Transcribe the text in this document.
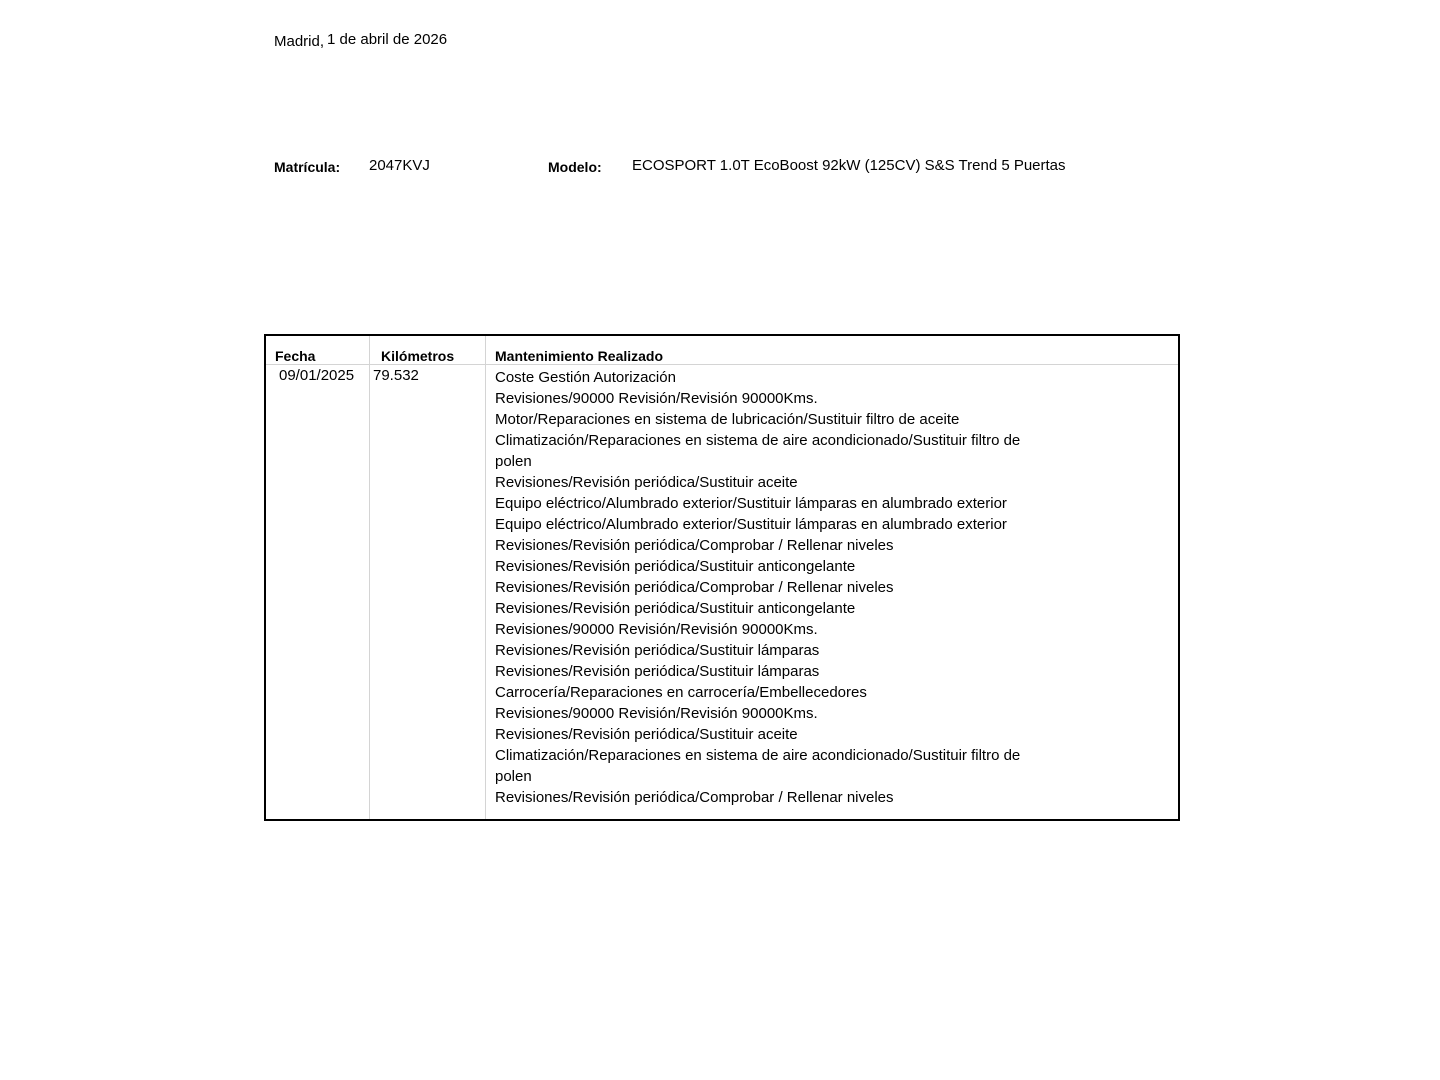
Madrid, 1 de abril de 2026
Matrícula: 2047KVJ	Modelo: ECOSPORT 1.0T EcoBoost 92kW (125CV) S&S Trend 5 Puertas
Fecha	Kilómetros	Mantenimiento Realizado
09/01/2025 79.532	Coste Gestión Autorización
Revisiones/90000 Revisión/Revisión 90000Kms.
Motor/Reparaciones en sistema de lubricación/Sustituir filtro de aceite
Climatización/Reparaciones en sistema de aire acondicionado/Sustituir filtro de polen
Revisiones/Revisión periódica/Sustituir aceite
Equipo eléctrico/Alumbrado exterior/Sustituir lámparas en alumbrado exterior
Equipo eléctrico/Alumbrado exterior/Sustituir lámparas en alumbrado exterior
Revisiones/Revisión periódica/Comprobar / Rellenar niveles
Revisiones/Revisión periódica/Sustituir anticongelante
Revisiones/Revisión periódica/Comprobar / Rellenar niveles
Revisiones/Revisión periódica/Sustituir anticongelante
Revisiones/90000 Revisión/Revisión 90000Kms.
Revisiones/Revisión periódica/Sustituir lámparas
Revisiones/Revisión periódica/Sustituir lámparas
Carrocería/Reparaciones en carrocería/Embellecedores
Revisiones/90000 Revisión/Revisión 90000Kms.
Revisiones/Revisión periódica/Sustituir aceite
Climatización/Reparaciones en sistema de aire acondicionado/Sustituir filtro de polen
Revisiones/Revisión periódica/Comprobar / Rellenar niveles
